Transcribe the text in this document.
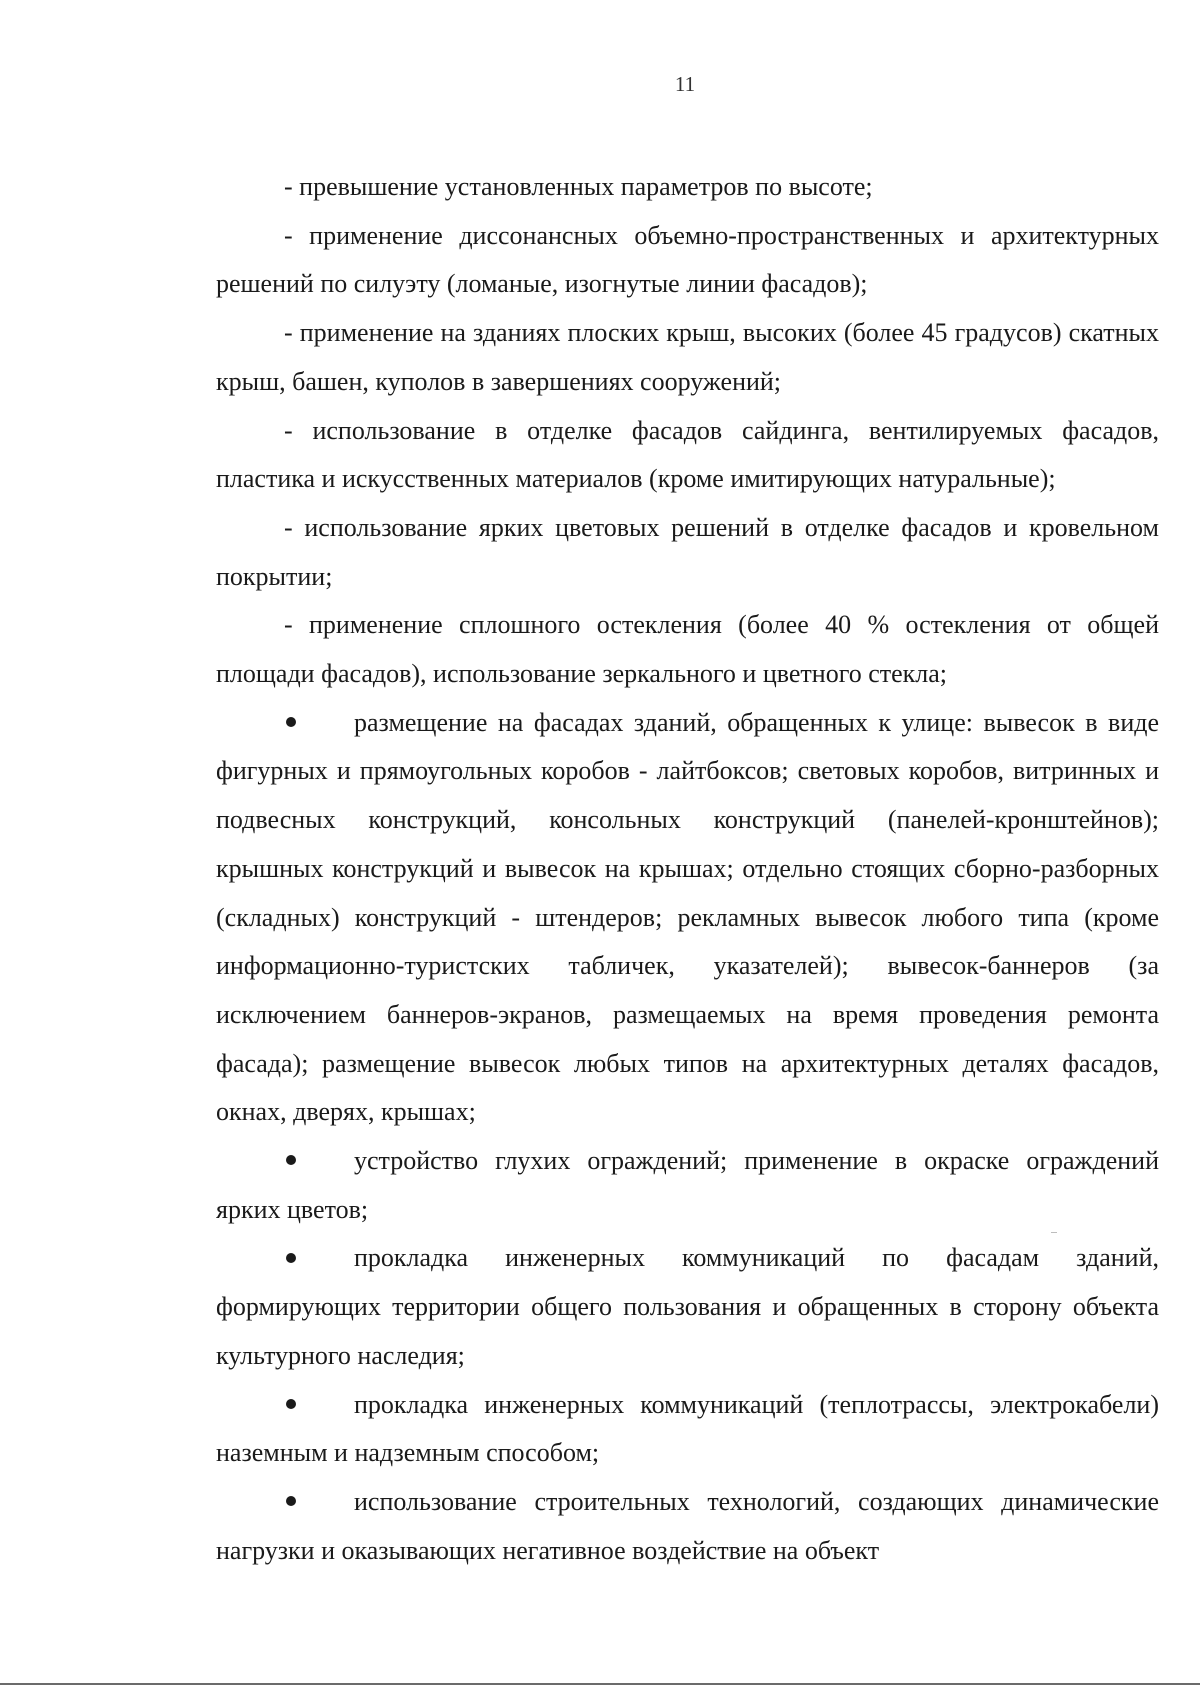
11

- превышение установленных параметров по высоте;

- применение диссонансных объемно-пространственных и архитектурных решений по силуэту (ломаные, изогнутые линии фасадов);

- применение на зданиях плоских крыш, высоких (более 45 градусов) скатных крыш, башен, куполов в завершениях сооружений;

- использование в отделке фасадов сайдинга, вентилируемых фасадов, пластика и искусственных материалов (кроме имитирующих натуральные);

- использование ярких цветовых решений в отделке фасадов и кровельном покрытии;

- применение сплошного остекления (более 40 % остекления от общей площади фасадов), использование зеркального и цветного стекла;

размещение на фасадах зданий, обращенных к улице: вывесок в виде фигурных и прямоугольных коробов - лайтбоксов; световых коробов, витринных и подвесных конструкций, консольных конструкций (панелей-кронштейнов); крышных конструкций и вывесок на крышах; отдельно стоящих сборно-разборных (складных) конструкций - штендеров; рекламных вывесок любого типа (кроме информационно-туристских табличек, указателей); вывесок-баннеров (за исключением баннеров-экранов, размещаемых на время проведения ремонта фасада); размещение вывесок любых типов на архитектурных деталях фасадов, окнах, дверях, крышах;

устройство глухих ограждений; применение в окраске ограждений ярких цветов;

прокладка инженерных коммуникаций по фасадам зданий, формирующих территории общего пользования и обращенных в сторону объекта культурного наследия;

прокладка инженерных коммуникаций (теплотрассы, электрокабели) наземным и надземным способом;

использование строительных технологий, создающих динамические нагрузки и оказывающих негативное воздействие на объект
